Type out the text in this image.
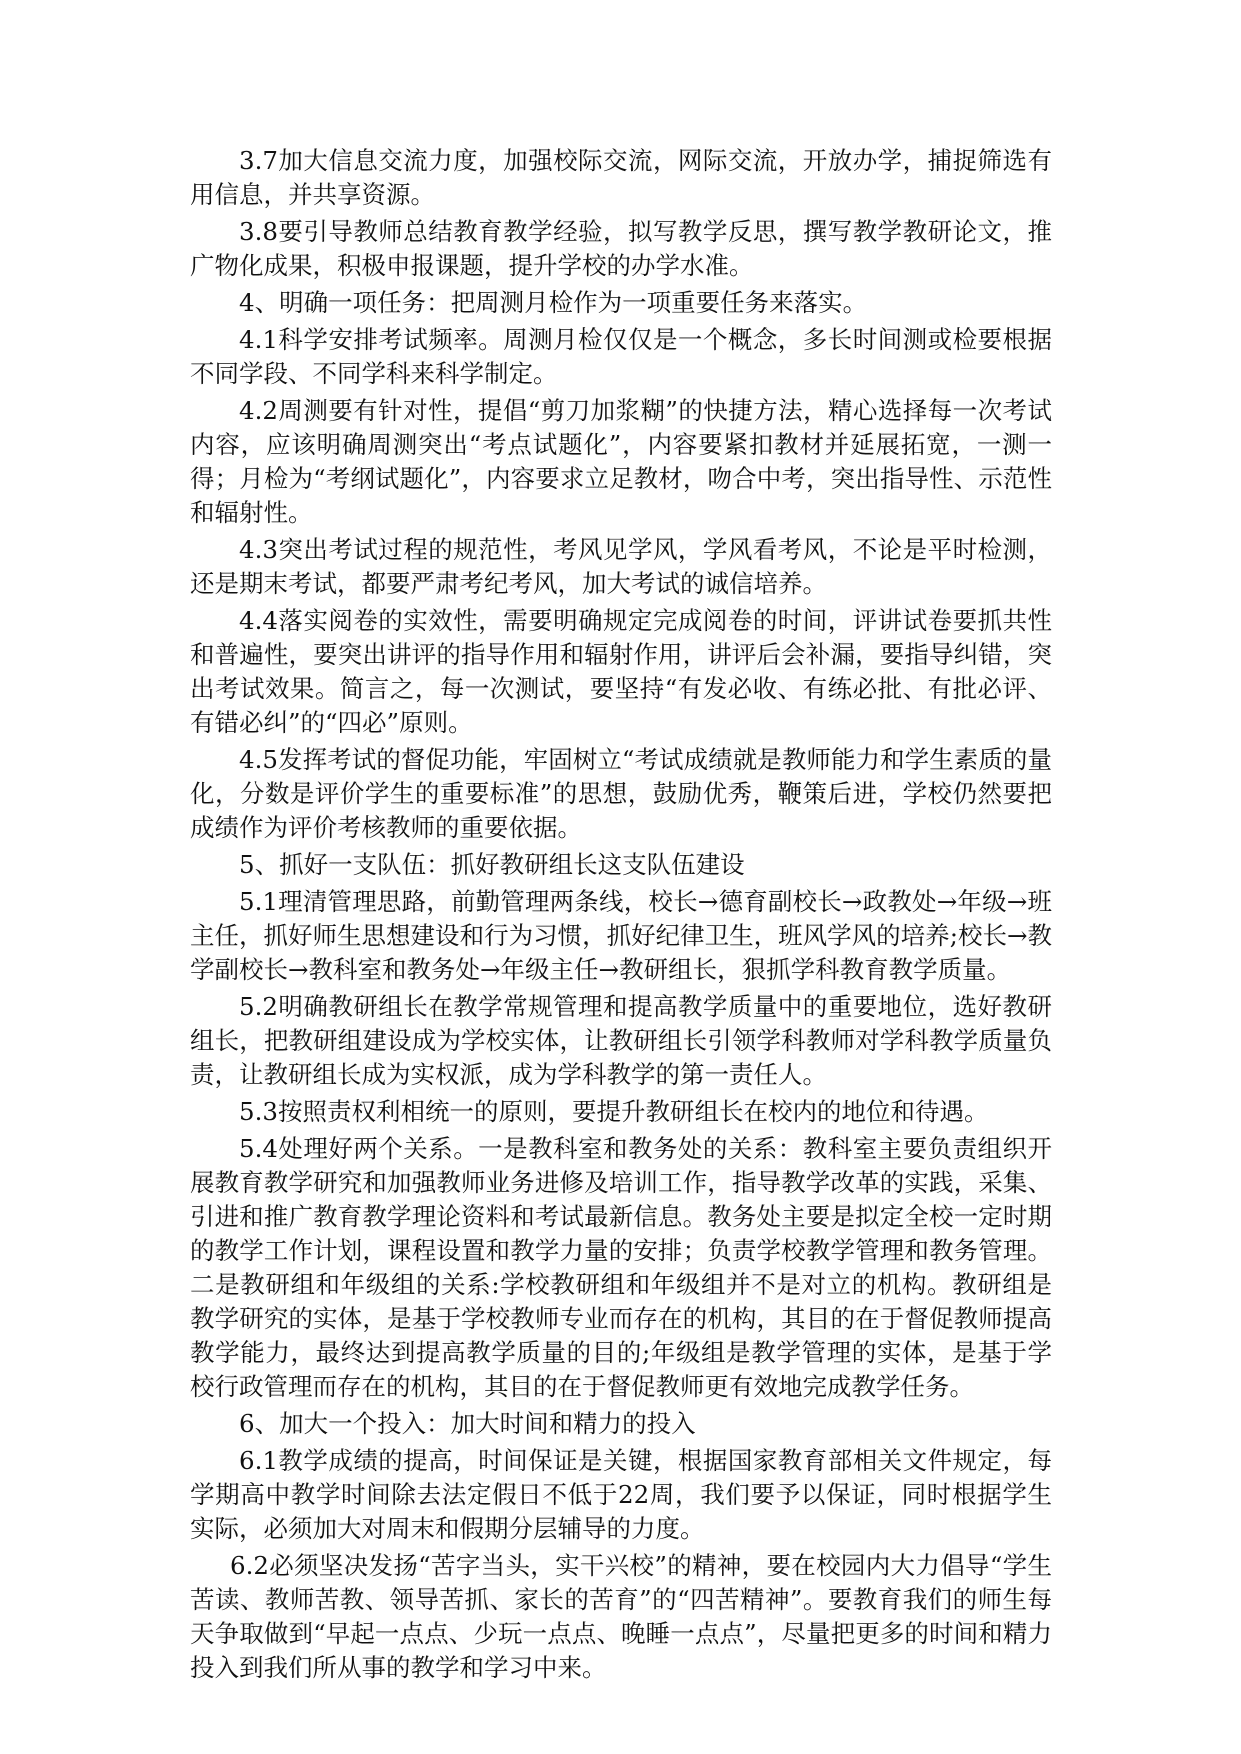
3.7加大信息交流力度，加强校际交流，网际交流，开放办学，捕捉筛选有用信息，并共享资源。

3.8要引导教师总结教育教学经验，拟写教学反思，撰写教学教研论文，推广物化成果，积极申报课题，提升学校的办学水准。

4、明确一项任务：把周测月检作为一项重要任务来落实。

4.1科学安排考试频率。周测月检仅仅是一个概念，多长时间测或检要根据不同学段、不同学科来科学制定。

4.2周测要有针对性，提倡“剪刀加浆糊”的快捷方法，精心选择每一次考试内容，应该明确周测突出“考点试题化”，内容要紧扣教材并延展拓宽，一测一得；月检为“考纲试题化”，内容要求立足教材，吻合中考，突出指导性、示范性和辐射性。

4.3突出考试过程的规范性，考风见学风，学风看考风，不论是平时检测，还是期末考试，都要严肃考纪考风，加大考试的诚信培养。

4.4落实阅卷的实效性，需要明确规定完成阅卷的时间，评讲试卷要抓共性和普遍性，要突出讲评的指导作用和辐射作用，讲评后会补漏，要指导纠错，突出考试效果。简言之，每一次测试，要坚持“有发必收、有练必批、有批必评、有错必纠”的“四必”原则。

4.5发挥考试的督促功能，牢固树立“考试成绩就是教师能力和学生素质的量化，分数是评价学生的重要标准”的思想，鼓励优秀，鞭策后进，学校仍然要把成绩作为评价考核教师的重要依据。

5、抓好一支队伍：抓好教研组长这支队伍建设

5.1理清管理思路，前勤管理两条线，校长→德育副校长→政教处→年级→班主任，抓好师生思想建设和行为习惯，抓好纪律卫生，班风学风的培养;校长→教学副校长→教科室和教务处→年级主任→教研组长，狠抓学科教育教学质量。

5.2明确教研组长在教学常规管理和提高教学质量中的重要地位，选好教研组长，把教研组建设成为学校实体，让教研组长引领学科教师对学科教学质量负责，让教研组长成为实权派，成为学科教学的第一责任人。

5.3按照责权利相统一的原则，要提升教研组长在校内的地位和待遇。

5.4处理好两个关系。一是教科室和教务处的关系：教科室主要负责组织开展教育教学研究和加强教师业务进修及培训工作，指导教学改革的实践，采集、引进和推广教育教学理论资料和考试最新信息。教务处主要是拟定全校一定时期的教学工作计划，课程设置和教学力量的安排；负责学校教学管理和教务管理。二是教研组和年级组的关系:学校教研组和年级组并不是对立的机构。教研组是教学研究的实体，是基于学校教师专业而存在的机构，其目的在于督促教师提高教学能力，最终达到提高教学质量的目的;年级组是教学管理的实体，是基于学校行政管理而存在的机构，其目的在于督促教师更有效地完成教学任务。

6、加大一个投入：加大时间和精力的投入

6.1教学成绩的提高，时间保证是关键，根据国家教育部相关文件规定，每学期高中教学时间除去法定假日不低于22周，我们要予以保证，同时根据学生实际，必须加大对周末和假期分层辅导的力度。

6.2必须坚决发扬“苦字当头，实干兴校”的精神，要在校园内大力倡导“学生苦读、教师苦教、领导苦抓、家长的苦育”的“四苦精神”。要教育我们的师生每天争取做到“早起一点点、少玩一点点、晚睡一点点”，尽量把更多的时间和精力投入到我们所从事的教学和学习中来。
